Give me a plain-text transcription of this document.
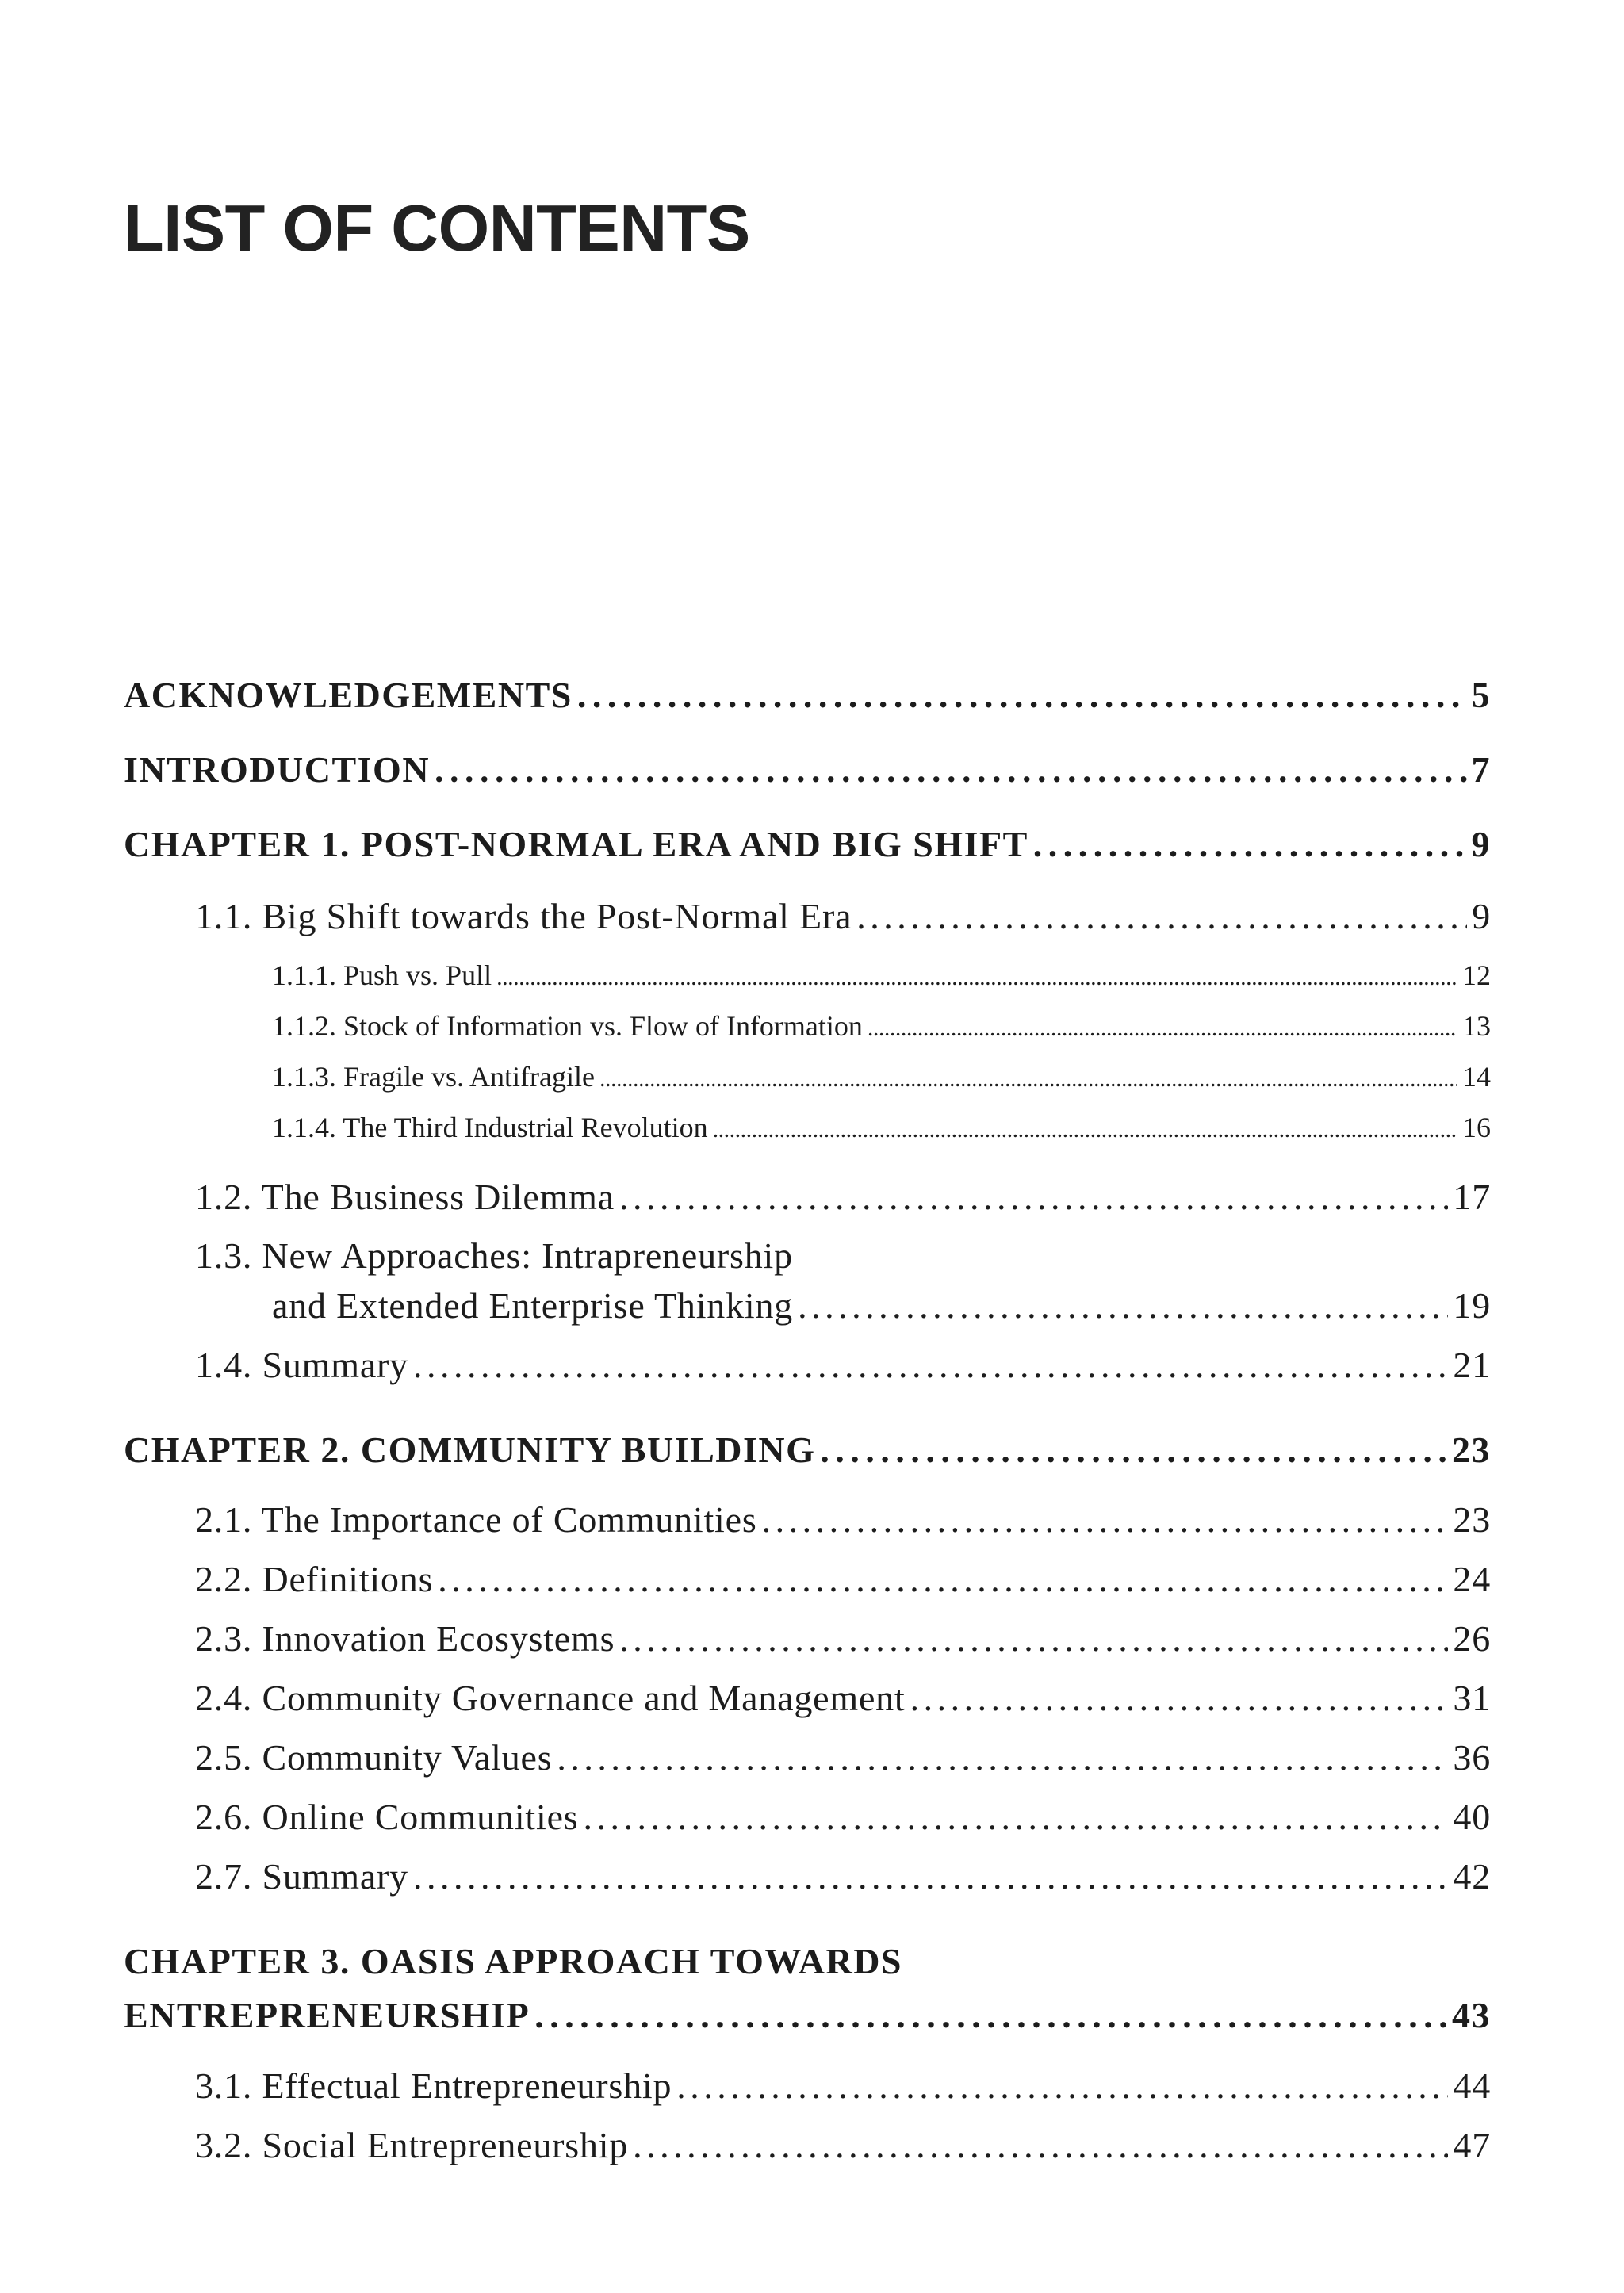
LIST OF CONTENTS
ACKNOWLEDGEMENTS . . .	5
INTRODUCTION . . .	7
CHAPTER 1. POST-NORMAL ERA AND BIG SHIFT . . .	9
1.1. Big Shift towards the Post-Normal Era . . .	9
1.1.1. Push vs. Pull . . .	12
1.1.2. Stock of Information vs. Flow of Information . . .	13
1.1.3. Fragile vs. Antifragile . . .	14
1.1.4. The Third Industrial Revolution . . .	16
1.2. The Business Dilemma . . .	17
1.3. New Approaches: Intrapreneurship
and Extended Enterprise Thinking . . .	19
1.4. Summary . . .	21
CHAPTER 2. COMMUNITY BUILDING . . .	23
2.1. The Importance of Communities . . .	23
2.2. Definitions . . .	24
2.3. Innovation Ecosystems . . .	26
2.4. Community Governance and Management . . .	31
2.5. Community Values . . .	36
2.6. Online Communities . . .	40
2.7. Summary . . .	42
CHAPTER 3. OASIS APPROACH TOWARDS
ENTREPRENEURSHIP . . .	43
3.1. Effectual Entrepreneurship . . .	44
3.2. Social Entrepreneurship . . .	47
